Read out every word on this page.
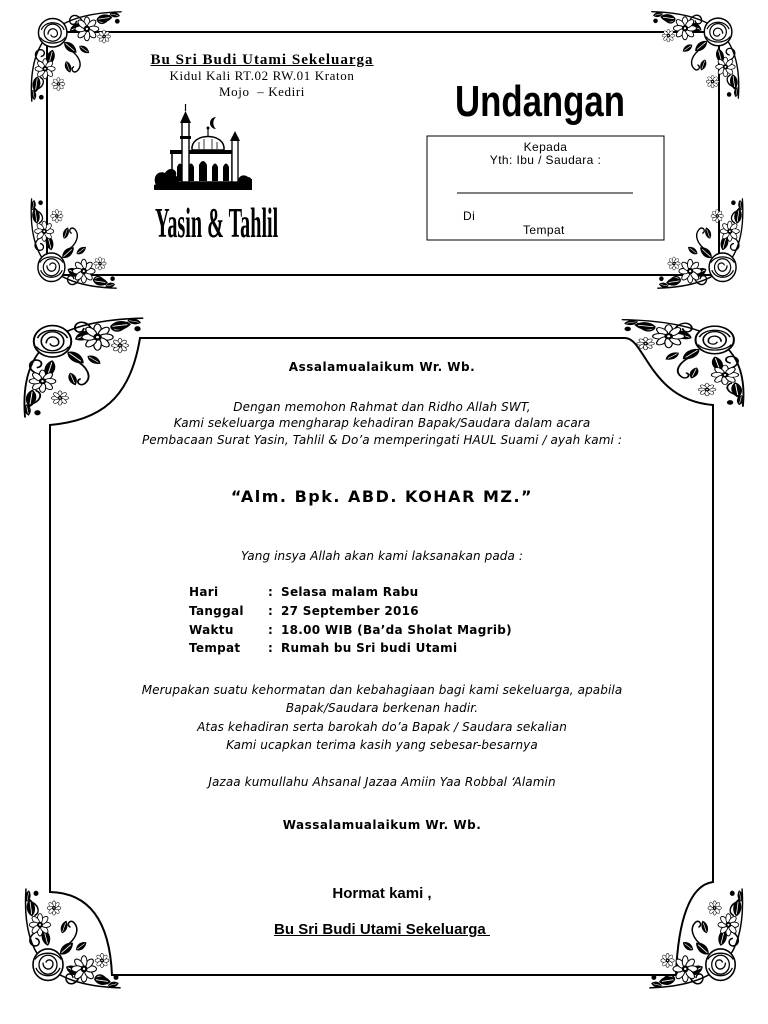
Bu Sri Budi Utami Sekeluarga
Kidul Kali RT.02 RW.01 Kraton
Mojo  – Kediri	Undangan
Yasin & Tahlil
Kepada
Yth: Ibu / Saudara :
Di
Tempat
Assalamualaikum Wr. Wb.
Dengan memohon Rahmat dan Ridho Allah SWT,
Kami sekeluarga mengharap kehadiran Bapak/Saudara dalam acara
Pembacaan Surat Yasin, Tahlil & Do’a memperingati HAUL Suami / ayah kami :
“Alm. Bpk. ABD. KOHAR MZ.”
Yang insya Allah akan kami laksanakan pada :
Hari	: Selasa malam Rabu
Tanggal : 27 September 2016
Waktu	: 18.00 WIB (Ba’da Sholat Magrib)
Tempat : Rumah bu Sri budi Utami
Merupakan suatu kehormatan dan kebahagiaan bagi kami sekeluarga, apabila
Bapak/Saudara berkenan hadir.
Atas kehadiran serta barokah do’a Bapak / Saudara sekalian
Kami ucapkan terima kasih yang sebesar-besarnya
Jazaa kumullahu Ahsanal Jazaa Amiin Yaa Robbal ‘Alamin
Wassalamualaikum Wr. Wb.
Hormat kami ,
Bu Sri Budi Utami Sekeluarga
